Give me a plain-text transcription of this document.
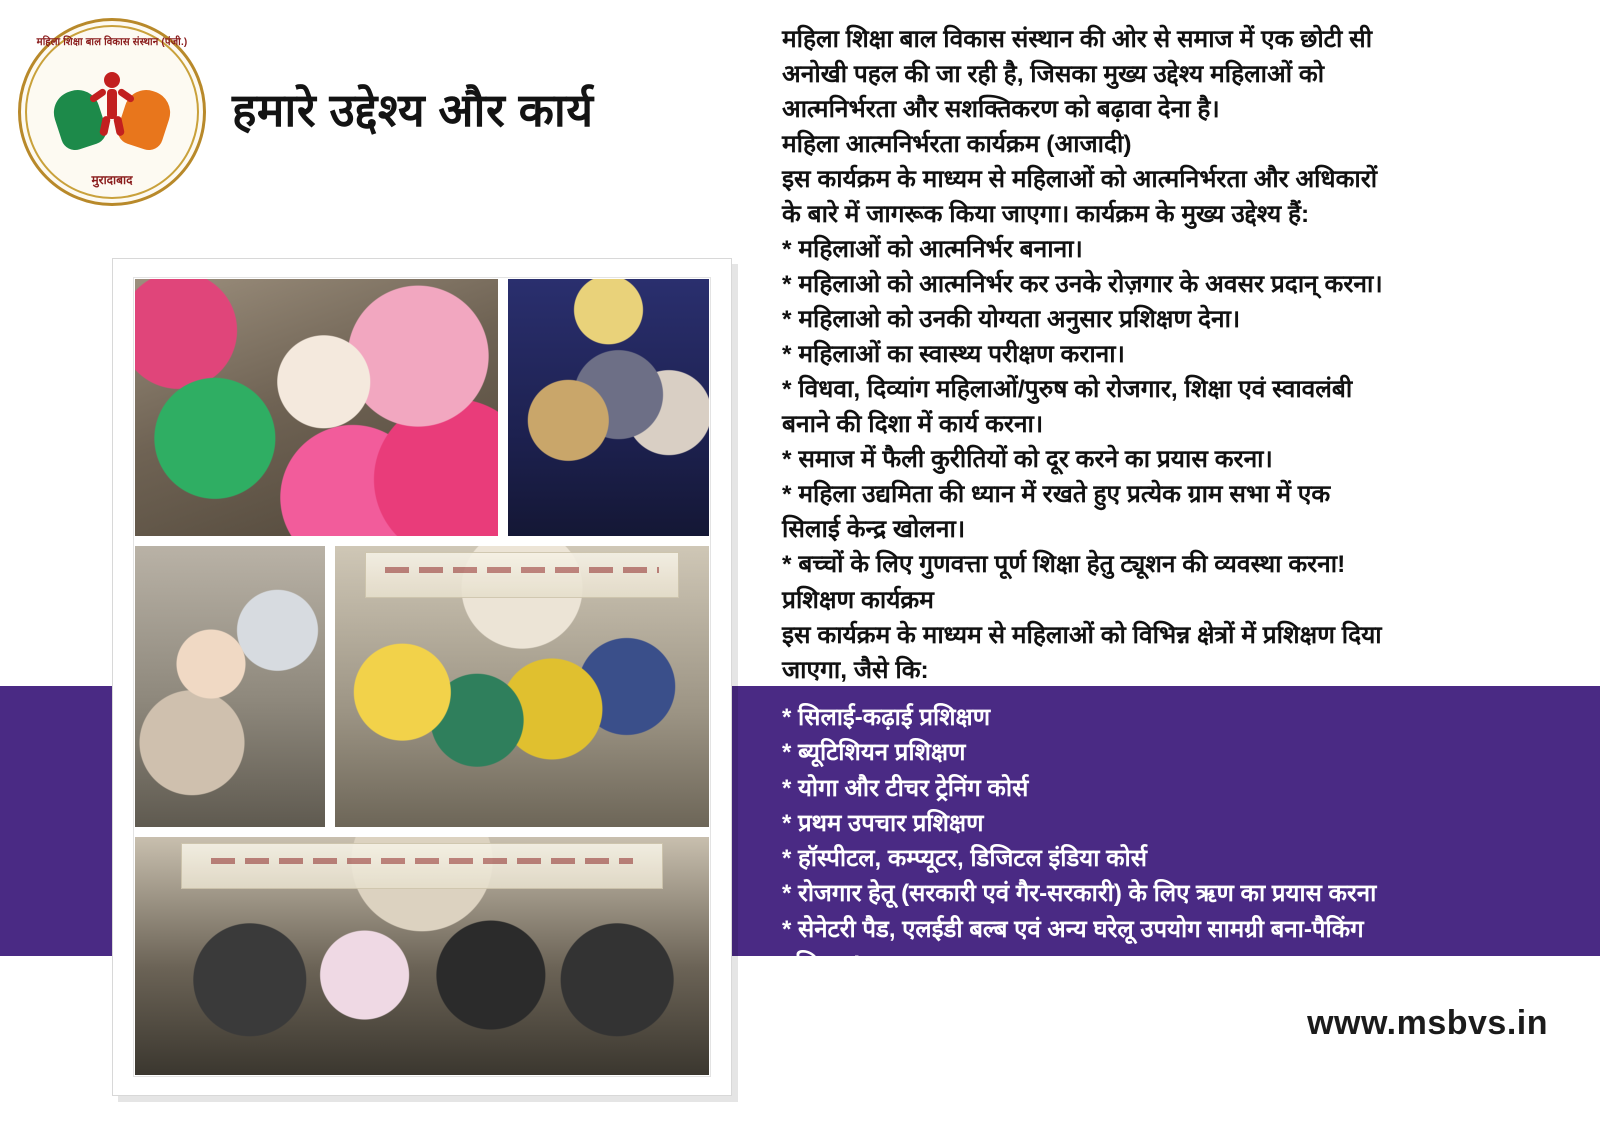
महिला शिक्षा बाल विकास संस्थान (पंजी.)
मुरादाबाद
हमारे उद्देश्य और कार्य

महिला शिक्षा बाल विकास संस्थान की ओर से समाज में एक छोटी सी

अनोखी पहल की जा रही है, जिसका मुख्य उद्देश्य महिलाओं को

आत्मनिर्भरता और सशक्तिकरण को बढ़ावा देना है।

महिला आत्मनिर्भरता कार्यक्रम (आजादी)

इस कार्यक्रम के माध्यम से महिलाओं को आत्मनिर्भरता और अधिकारों

के बारे में जागरूक किया जाएगा। कार्यक्रम के मुख्य उद्देश्य हैं:

* महिलाओं को आत्मनिर्भर बनाना।

* महिलाओ को आत्मनिर्भर कर उनके रोज़गार के अवसर प्रदान् करना।

* महिलाओ को उनकी योग्यता अनुसार प्रशिक्षण देना।

* महिलाओं का स्वास्थ्य परीक्षण कराना।

* विधवा, दिव्यांग महिलाओं/पुरुष को रोजगार, शिक्षा एवं स्वावलंबी

बनाने की दिशा में कार्य करना।

* समाज में फैली कुरीतियों को दूर करने का प्रयास करना।

* महिला उद्यमिता की ध्यान में रखते हुए प्रत्येक ग्राम सभा में एक

सिलाई केन्द्र खोलना।

* बच्चों के लिए गुणवत्ता पूर्ण शिक्षा हेतु ट्यूशन की व्यवस्था करना!

प्रशिक्षण कार्यक्रम

इस कार्यक्रम के माध्यम से महिलाओं को विभिन्न क्षेत्रों में प्रशिक्षण दिया

जाएगा, जैसे कि:

* सिलाई-कढ़ाई प्रशिक्षण

* ब्यूटिशियन प्रशिक्षण

* योगा और टीचर ट्रेनिंग कोर्स

* प्रथम उपचार प्रशिक्षण

* हॉस्पीटल, कम्प्यूटर, डिजिटल इंडिया कोर्स

* रोजगार हेतू (सरकारी एवं गैर-सरकारी) के लिए ऋण का प्रयास करना

* सेनेटरी पैड, एलईडी बल्ब एवं अन्य घरेलू उपयोग सामग्री बना-पैकिंग

प्रशिक्षण!

www.msbvs.in
